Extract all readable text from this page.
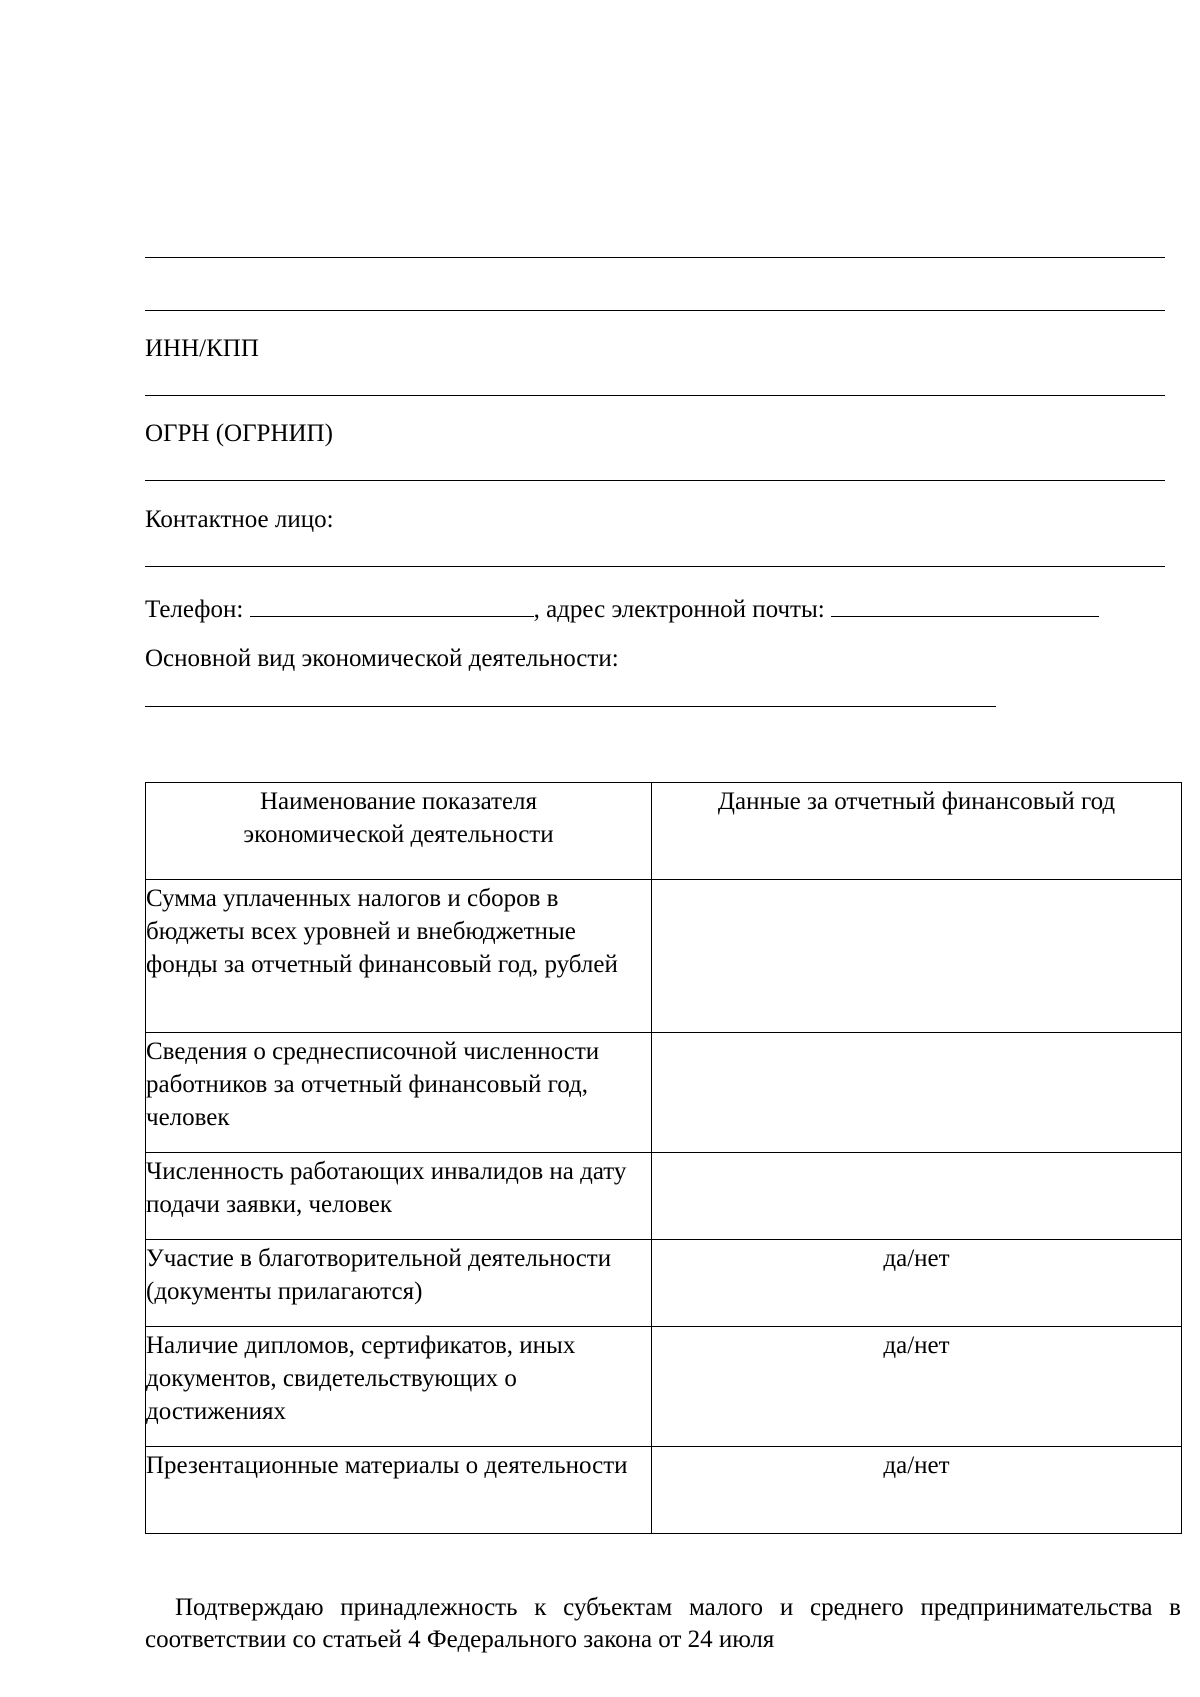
ИНН/КПП
ОГРН (ОГРНИП)
Контактное лицо:
Телефон:	, адрес электронной почты:
Основной вид экономической деятельности:
Наименование показателя экономической деятельности	Данные за отчетный финансовый год
Сумма уплаченных налогов и сборов в бюджеты всех уровней и внебюджетные фонды за отчетный финансовый год, рублей	
Сведения о среднесписочной численности работников за отчетный финансовый год, человек	
Численность работающих инвалидов на дату подачи заявки, человек	
Участие в благотворительной деятельности (документы прилагаются)	да/нет
Наличие дипломов, сертификатов, иных документов, свидетельствующих о достижениях	да/нет
Презентационные материалы о деятельности	да/нет
Подтверждаю принадлежность к субъектам малого и среднего предпринимательства в соответствии со статьей 4 Федерального закона от 24 июля
